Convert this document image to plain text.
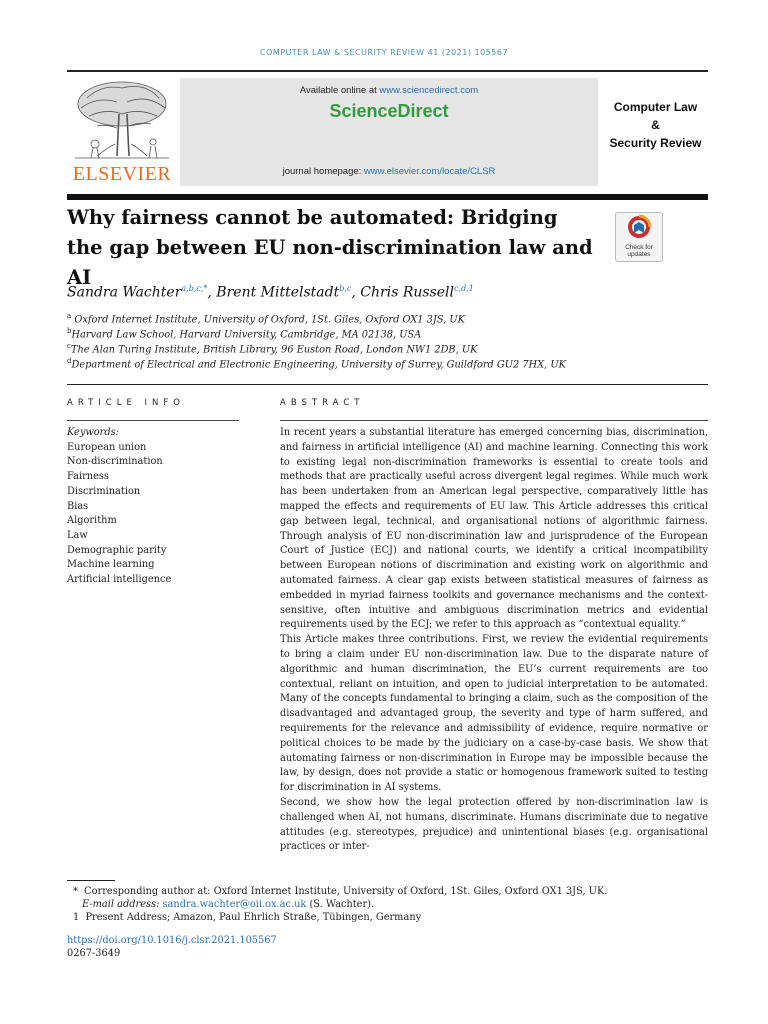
COMPUTER LAW & SECURITY REVIEW 41 (2021) 105567
ELSEVIER
Available online at www.sciencedirect.com
ScienceDirect
journal homepage: www.elsevier.com/locate/CLSR
Computer Law
&
Security Review
Why fairness cannot be automated: Bridging the gap between EU non-discrimination law and AI
Check for
updates
Sandra Wachter$^{a,b,c,*}$, Brent Mittelstadt$^{b,c}$, Chris Russell$^{c,d,1}$
$^a$ Oxford Internet Institute, University of Oxford, 1St. Giles, Oxford OX1 3JS, UK
$^b$Harvard Law School, Harvard University, Cambridge, MA 02138, USA
$^c$The Alan Turing Institute, British Library, 96 Euston Road, London NW1 2DB, UK
$^d$Department of Electrical and Electronic Engineering, University of Surrey, Guildford GU2 7HX, UK
ARTICLE INFO	ABSTRACT
Keywords:
European union
Non-discrimination
Fairness
Discrimination
Bias
Algorithm
Law
Demographic parity
Machine learning
Artificial intelligence

In recent years a substantial literature has emerged concerning bias, discrimination, and fairness in artificial intelligence (AI) and machine learning. Connecting this work to existing legal non-discrimination frameworks is essential to create tools and methods that are practically useful across divergent legal regimes. While much work has been undertaken from an American legal perspective, comparatively little has mapped the effects and requirements of EU law. This Article addresses this critical gap between legal, technical, and organisational notions of algorithmic fairness. Through analysis of EU non-discrimination law and jurisprudence of the European Court of Justice (ECJ) and national courts, we identify a critical incompatibility between European notions of discrimination and existing work on algorithmic and automated fairness. A clear gap exists between statistical measures of fairness as embedded in myriad fairness toolkits and governance mechanisms and the context-sensitive, often intuitive and ambiguous discrimination metrics and evidential requirements used by the ECJ; we refer to this approach as “contextual equality.”

This Article makes three contributions. First, we review the evidential requirements to bring a claim under EU non-discrimination law. Due to the disparate nature of algorithmic and human discrimination, the EU’s current requirements are too contextual, reliant on intuition, and open to judicial interpretation to be automated. Many of the concepts fundamental to bringing a claim, such as the composition of the disadvantaged and advantaged group, the severity and type of harm suffered, and requirements for the relevance and admissibility of evidence, require normative or political choices to be made by the judiciary on a case-by-case basis. We show that automating fairness or non-discrimination in Europe may be impossible because the law, by design, does not provide a static or homogenous framework suited to testing for discrimination in AI systems.

Second, we show how the legal protection offered by non-discrimination law is challenged when AI, not humans, discriminate. Humans discriminate due to negative attitudes (e.g. stereotypes, prejudice) and unintentional biases (e.g. organisational practices or inter-

* Corresponding author at: Oxford Internet Institute, University of Oxford, 1St. Giles, Oxford OX1 3JS, UK.
E-mail address: sandra.wachter@oii.ox.ac.uk (S. Wachter).
1 Present Address; Amazon, Paul Ehrlich Straße, Tübingen, Germany
https://doi.org/10.1016/j.clsr.2021.105567
0267-3649
